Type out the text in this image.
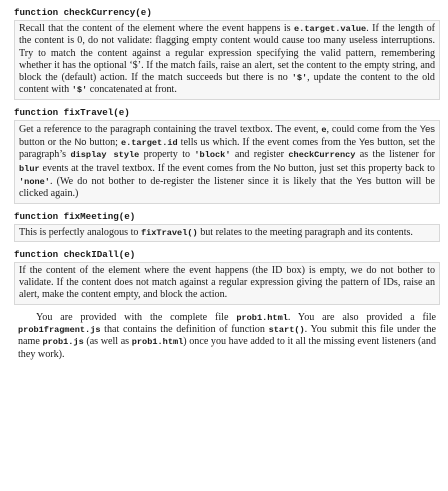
function checkCurrency(e)
Recall that the content of the element where the event happens is e.target.value. If the length of the content is 0, do not validate: flagging empty content would cause too many useless interruptions. Try to match the content against a regular expression specifying the valid pattern, remembering whether it has the optional ‘$’. If the match fails, raise an alert, set the content to the empty string, and block the (default) action. If the match succeeds but there is no '$', update the content to the old content with '$' concatenated at front.
function fixTravel(e)
Get a reference to the paragraph containing the travel textbox. The event, e, could come from the Yes button or the No button; e.target.id tells us which. If the event comes from the Yes button, set the paragraph’s display style property to 'block' and register checkCurrency as the listener for blur events at the travel textbox. If the event comes from the No button, just set this property back to 'none'. (We do not bother to de-register the listener since it is likely that the Yes button will be clicked again.)
function fixMeeting(e)
This is perfectly analogous to fixTravel() but relates to the meeting paragraph and its contents.
function checkIDall(e)
If the content of the element where the event happens (the ID box) is empty, we do not bother to validate. If the content does not match against a regular expression giving the pattern of IDs, raise an alert, make the content empty, and block the action.
You are provided with the complete file prob1.html. You are also provided a file prob1fragment.js that contains the definition of function start(). You submit this file under the name prob1.js (as well as prob1.html) once you have added to it all the missing event listeners (and they work).
